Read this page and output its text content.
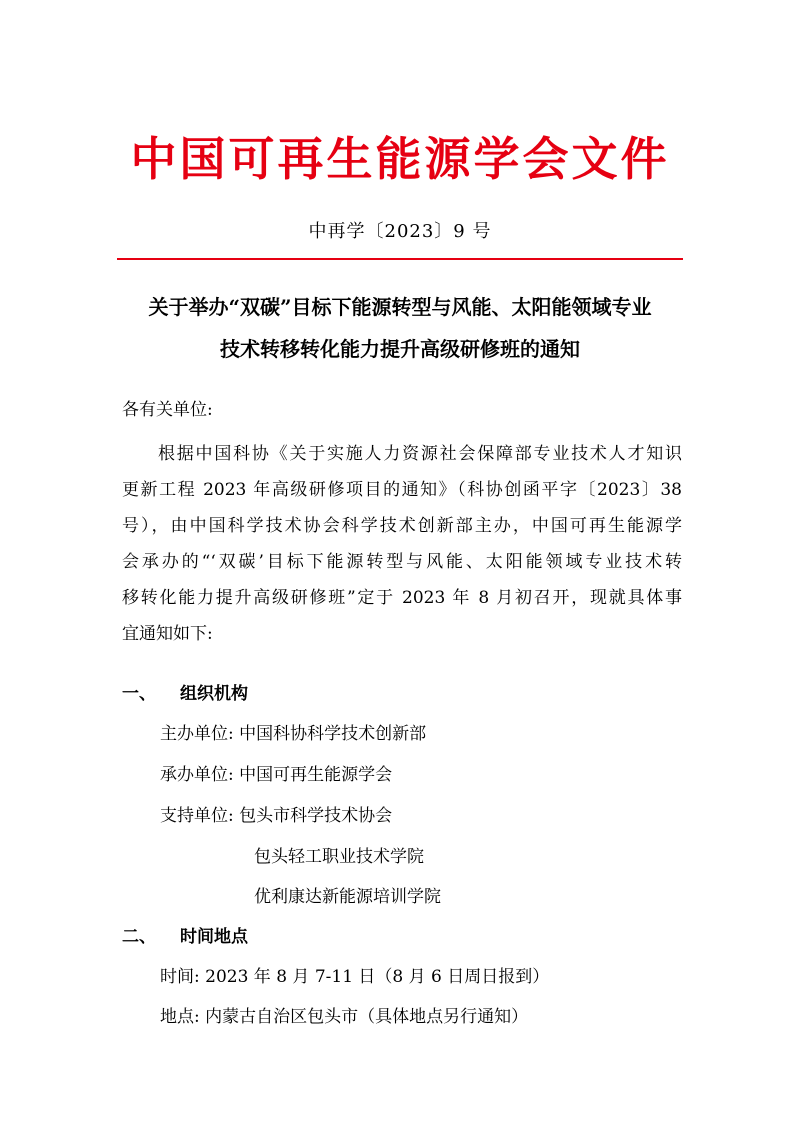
中国可再生能源学会文件
中再学〔2023〕9 号
关于举办“双碳”目标下能源转型与风能、太阳能领域专业
技术转移转化能力提升高级研修班的通知
各有关单位:
根据中国科协《关于实施人力资源社会保障部专业技术人才知识
更新工程 2023 年高级研修项目的通知》（科协创函平字〔2023〕38
号），由中国科学技术协会科学技术创新部主办，中国可再生能源学
会承办的“‘双碳’目标下能源转型与风能、太阳能领域专业技术转
移转化能力提升高级研修班”定于 2023 年 8 月初召开，现就具体事
宜通知如下:
一、 组织机构
主办单位: 中国科协科学技术创新部
承办单位: 中国可再生能源学会
支持单位: 包头市科学技术协会
包头轻工职业技术学院
优利康达新能源培训学院
二、 时间地点
时间: 2023 年 8 月 7-11 日（8 月 6 日周日报到）
地点: 内蒙古自治区包头市（具体地点另行通知）
